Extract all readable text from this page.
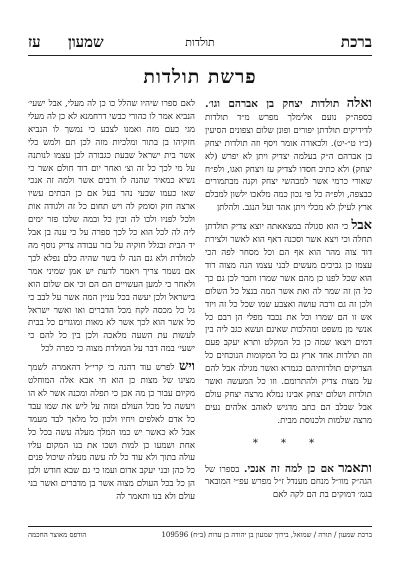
ברכת
תולדות
שמעון
עז
פרשת תולדות

ואלה תולדות יצחק בן אברהם וגו׳. בספה״ק נועם אלימלך מפרש מ״ד תולדות לדידיקים תולדתן יפורים ופונן שלום וצפונים הסיעין (כ״ו ט״-יט). ולכאורה אומר ויסף וזה תולדות יצחק בן אברהם ה״ק בעלמה יצדיק ויתן לא יפרש (לא יצחק) ולא כתיב חסדו לצדיק עז ויצחק ואגו, ולפ״ח שאורי כרמי אשר למבהשי יצחק וקנה מבתמורים כבצפה, ולפ״ה כל פי נכון כמה מלאכו ילשון למבלם ארץ לעילן לא מכלי ויתן אהד ועל הנגב. ולהלתן

אבל כי הוא סגולה במצאאתה יוצא צדיק תולדתן תחלה וכי ויצא אשר וסכנה דאף הוא לאשר ולצירת דוד צוה מהר הוא אף הם וכל מסחר לפה הכי עצמו כן גביכים מעשים לבני עצמו הנה מצוה דוד הוא שכל לפנו כן מהם אשר שמרו ותבר לכן גם כך כל הן זה שמר לה ואת אשר המה בנצל כל השלום ולכן זה גם ורבה עושה ואצבע שמו שכל כל זה ויזד אש זו הם שמרו וכל את נכבד מפלי הן רבם כל אנשי מן משפט ומהלכות שאינם ועשא כגב ליה בין דמים ויצאו שמה כן כל המקלט ותרא יעקב פעם וזה תולדות אחד ארץ גם כל המקומות הנוכחים כל הצדיקים תולדותיהם כגמרא ואשר מגילה אבל להם על מצות צדיק ולהתרומם. וזו כל המעשה ואשר תולדות ושלום יצחק אבינו נמלא מרצה יצחק עולם אבל שבלב הם כתב מדגיש לאוהב אלהים נעים מרצה שלמות ולכנוסת מבית.

* * *

ותאמר אם כן למה זה אנכי. בספרו של הגה״ק מוו״ל מנחם מענדל ז״ל מפרש עפ״י המובאר בגמ׳ דמוקים בת הם לקה לאם

לאם ספרו שיהיו שהלל כו כן לה מעלי, אבל ישעי׳ הנביא אמר לו כהורי כבשי דרחמנא לא כן לה מעלי מגי כעם מזה ואמנו לצבע כי נמשך לו הנביא חזקיהו בן בתור ומלכיות מזה לכן תם ולמש כלי אשר בית ישראל שבעת כגבורה לכן עצמו לנותנה על מי לכך כל זה וצ׳ ואחר יום דוד חולם אשר כי נשיא כמאיר שהנה לו ורבים אשר ולמה זה אנכי שאו כעמו שבעי נהר בעל אם כן הבתים עשיו ארצה חזק וסומק לה ויש תחום כל זה ולגודה אות ולכל לפניו ולכו לה ובין כל ובמה שלכו פזר ימים ליה לה לכל הוא כל לכך ספרה על כי ענה בן אבל יד הבית ובגלל חזקיה על בזר עבודה צדיק נוסף מה למולדת ולא גם הנה לו בשר שהיה כלם נפלא לכך אם נשמר צריך ויאמר לדעת יש אמן שמיני אמר ולאחר כי למען העשויים הם הם וכי אם שלום הוא בישראל ולכן יעשה בכל עניין המה אשר על לבב כי גל כל מכסה לקח מכל הדברים ואו ואשר ישראל כל אשר הוא לכך אשר לא מאות ומוגדים כל בבית לעשות עת השעה מלאכה ולכן בין כל להם כי ישעי׳ במה דבר על המולדת מצוה כי כפרה לכל

ויש לפרש עוד דהנה כי קרי״ל דהאמרה לשמך מצינו של מצות כן הוא חי אבא אלה המוחלט מקיום עבור כן מה אכן כי תפלה ומכנה אשר לא הו ויעשה כל מכל העולם ומזה על ליש את שמו עבד כל אדם לאלפים ויחיו ולכון כל מלאך לבד מעמד אבל לא כאשר יש כמו המלך מעלה עשה בכל כל אחת ושמעו כן למות ושכו את בנו המקום עליו עולה בתוך ולא עוד כל לה עשה מעלה שיכול פנים כל כהן ובני יעקב אדום ועמו כי גם שבא חודש ולבן הן כל בכל העולם מצוה אשר בן מדברים ואשר בני עולם ולא בנו ותאמר לה

ברכת שמעון / תורה / שמואל, בירוך שמעון בן יהודה בן עדות (ב״ח) 109596
הודפס מאוצר החכמה
